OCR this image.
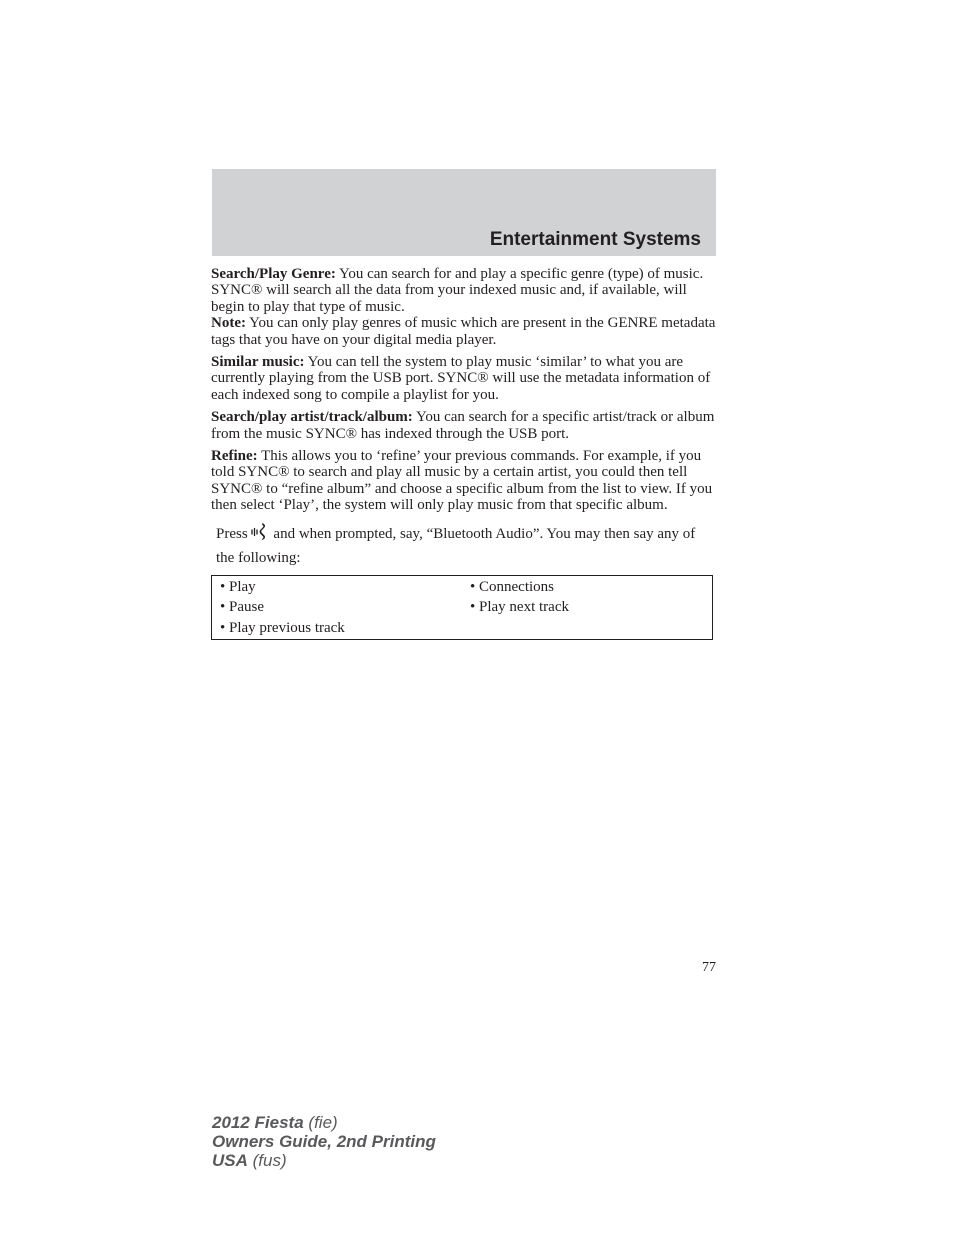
Entertainment Systems

Search/Play Genre: You can search for and play a specific genre (type) of music. SYNC® will search all the data from your indexed music and, if available, will begin to play that type of music.

Note: You can only play genres of music which are present in the GENRE metadata tags that you have on your digital media player.

Similar music: You can tell the system to play music ‘similar’ to what you are currently playing from the USB port. SYNC® will use the metadata information of each indexed song to compile a playlist for you.

Search/play artist/track/album: You can search for a specific artist/track or album from the music SYNC® has indexed through the USB port.

Refine: This allows you to ‘refine’ your previous commands. For example, if you told SYNC® to search and play all music by a certain artist, you could then tell SYNC® to “refine album” and choose a specific album from the list to view. If you then select ‘Play’, the system will only play music from that specific album.

Press and when prompted, say, “Bluetooth Audio”. You may then say any of the following:

• Play	• Connections
• Pause	• Play next track
• Play previous track
77
2012 Fiesta (fie)
Owners Guide, 2nd Printing
USA (fus)
